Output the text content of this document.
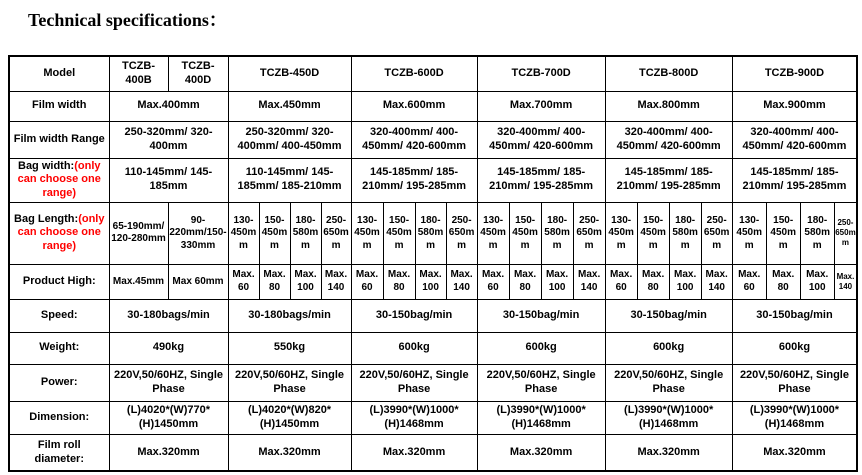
Technical specifications：
Model	TCZB-400B	TCZB-400D	TCZB-450D				TCZB-600D				TCZB-700D				TCZB-800D				TCZB-900D			
Film width	Max.400mm		Max.450mm				Max.600mm				Max.700mm				Max.800mm				Max.900mm			
Film width Range	250-320mm/ 320-400mm		250-320mm/ 320-400mm/ 400-450mm				320-400mm/ 400-450mm/ 420-600mm				320-400mm/ 400-450mm/ 420-600mm				320-400mm/ 400-450mm/ 420-600mm				320-400mm/ 400-450mm/ 420-600mm			
Bag width:(only can choose one range)	110-145mm/ 145-185mm		110-145mm/ 145-185mm/ 185-210mm				145-185mm/ 185-210mm/ 195-285mm				145-185mm/ 185-210mm/ 195-285mm				145-185mm/ 185-210mm/ 195-285mm				145-185mm/ 185-210mm/ 195-285mm			
Bag Length:(only can choose one range)	65-190mm/ 120-280mm	90-220mm/150-330mm	130-450mm	150-450mm	180-580mm	250-650mm	130-450mm	150-450mm	180-580mm	250-650mm	130-450mm	150-450mm	180-580mm	250-650mm	130-450mm	150-450mm	180-580mm	250-650mm	130-450mm	150-450mm	180-580mm	250-650mm
Product High:	Max.45mm	Max 60mm	Max. 60	Max. 80	Max. 100	Max. 140	Max. 60	Max. 80	Max. 100	Max. 140	Max. 60	Max. 80	Max. 100	Max. 140	Max. 60	Max. 80	Max. 100	Max. 140	Max. 60	Max. 80	Max. 100	Max.140
Speed:	30-180bags/min		30-180bags/min				30-150bag/min				30-150bag/min				30-150bag/min				30-150bag/min			
Weight:	490kg		550kg				600kg				600kg				600kg				600kg			
Power:	220V,50/60HZ, Single Phase		220V,50/60HZ, Single Phase				220V,50/60HZ, Single Phase				220V,50/60HZ, Single Phase				220V,50/60HZ, Single Phase				220V,50/60HZ, Single Phase			
Dimension:	(L)4020*(W)770*(H)1450mm		(L)4020*(W)820*(H)1450mm				(L)3990*(W)1000*(H)1468mm				(L)3990*(W)1000*(H)1468mm				(L)3990*(W)1000*(H)1468mm				(L)3990*(W)1000*(H)1468mm			
Film roll diameter:	Max.320mm		Max.320mm				Max.320mm				Max.320mm				Max.320mm				Max.320mm			
